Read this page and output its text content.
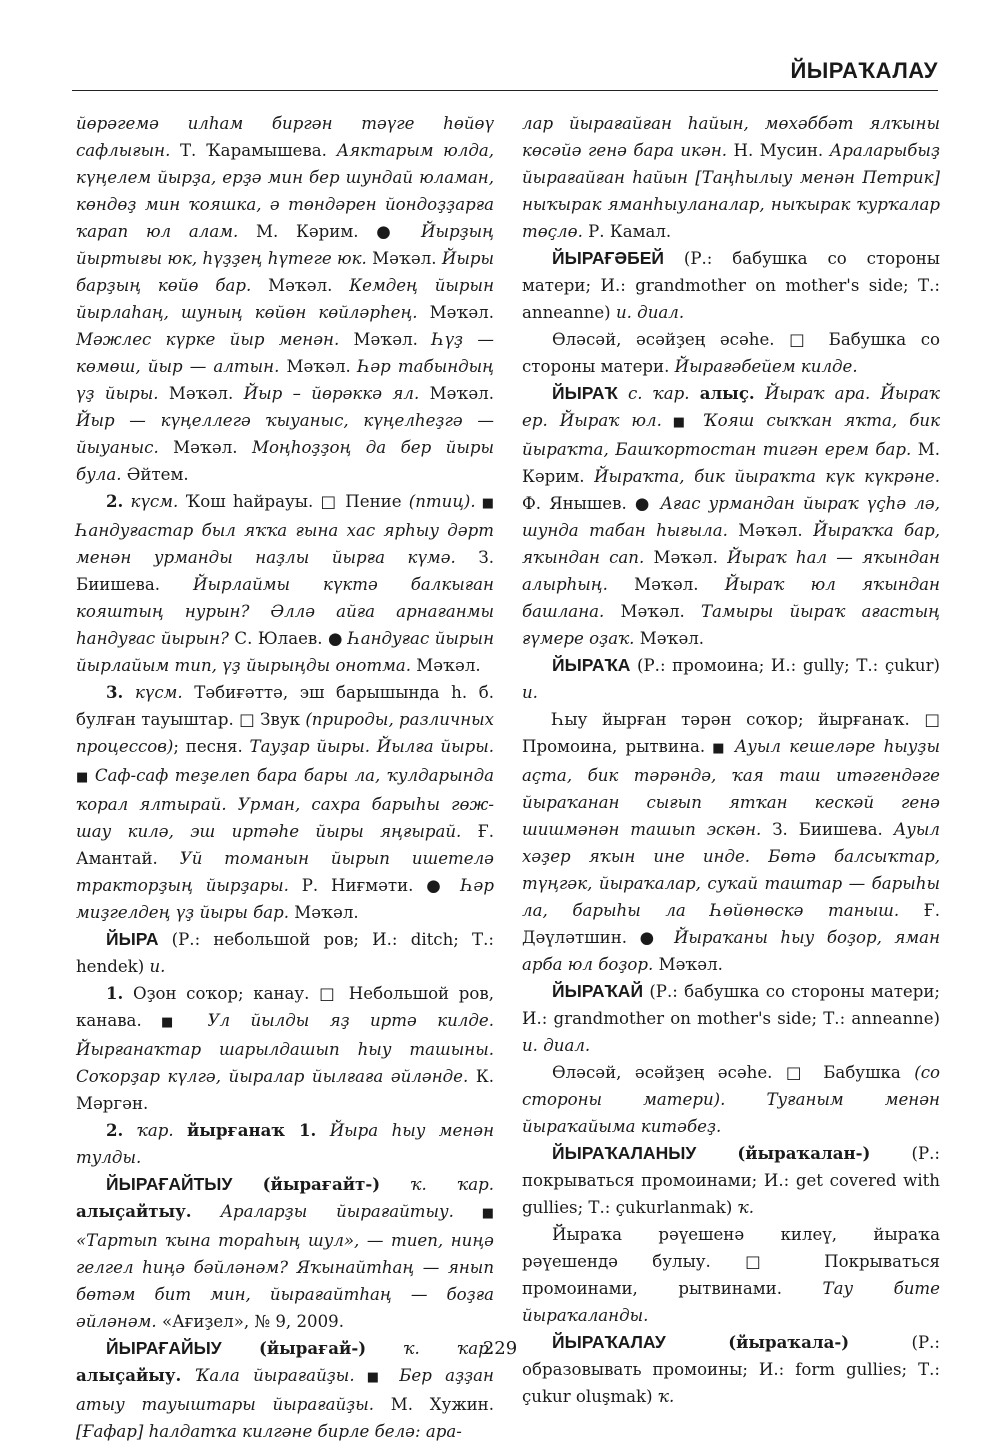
ЙЫРАҠАЛАУ

йөрәгемә илһам биргән тәүге һөйөү сафлығын. Т. Ҡарамышева. Аяктарым юлда, күңелем йырҙа, ерҙә мин бер шундай юламан, көндөҙ мин ҡояшка, ә төндәрен йондоҙҙарға ҡарап юл алам. М. Кәрим. ● Йырҙың йыртығы юк, һүҙҙең һүтеге юк. Мәҡәл. Йыры барҙың көйө бар. Мәҡәл. Кемдең йырын йырлаһаң, шуның көйөн көйләрһең. Мәҡәл. Мәжлес күрке йыр менән. Мәҡәл. Һүҙ — көмөш, йыр — алтын. Мәҡәл. Һәр табындың үҙ йыры. Мәҡәл. Йыр – йөрәккә ял. Мәҡәл. Йыр — күңеллегә ҡыуаныс, күңелһеҙгә — йыуаныс. Мәҡәл. Моңһоҙҙоң да бер йыры була. Әйтем.

2. күсм. Ҡош һайрауы. □ Пение (птиц). ■ Һандуғастар был яҡҡа ғына хас ярһыу дәрт менән урманды наҙлы йырға күмә. З. Биишева. Йырлаймы күктә балкыған кояштың нурын? Әллә айға арнағанмы һандуғас йырын? С. Юлаев. ● Һандуғас йырын йырлайым тип, үҙ йырыңды онотма. Мәҡәл.

3. күсм. Тәбиғәттә, эш барышында һ. б. булған тауыштар. □ Звук (природы, различных процессов); песня. Тауҙар йыры. Йылға йыры. ■ Саф-саф теҙелеп бара бары ла, ҡулдарында ҡорал ялтырай. Урман, сахра барыһы гөж-шау килә, эш иртәһе йыры яңғырай. Ғ. Амантай. Уй томанын йырып ишетелә тракторҙың йырҙары. Р. Ниғмәти. ● Һәр миҙгелдең үҙ йыры бар. Мәҡәл.

ЙЫРА (Р.: небольшой ров; И.: ditch; Т.: hendek) и.

1. Оҙон соҡор; канау. □ Небольшой ров, канава. ■ Ул йылды яҙ иртә килде. Йырғанаҡтар шарылдашып һыу ташыны. Соҡорҙар күлгә, йыралар йылғаға әйләнде. К. Мәргән.

2. ҡар. йырғанаҡ 1. Йыра һыу менән тулды.

ЙЫРАҒАЙТЫУ (йырағайт-) ҡ. ҡар. алыҫайтыу. Араларҙы йырағайтыу. ■ «Тартып ҡына тораһың шул», — тиеп, ниңә гелгел һиңә бәйләнәм? Яҡынайтһаң — янып бөтәм бит мин, йырағайтһаң — боҙға әйләнәм. «Ағиҙел», № 9, 2009.

ЙЫРАҒАЙЫУ (йырағай-) ҡ. ҡар. алыҫайыу. Ҡала йырағайҙы. ■ Бер аҙҙан атыу тауыштары йырағайҙы. М. Хужин. [Ғафар] һалдатҡа килгәне бирле белә: ара-

лар йырағайған һайын, мөхәббәт ялҡыны көсәйә генә бара икән. Н. Мусин. Араларыбыҙ йырағайған һайын [Таңһылыу менән Петрик] ныҡырак яманһыуланалар, ныҡырак ҡурҡалар төҫлө. Р. Камал.

ЙЫРАҒӘБЕЙ (Р.: бабушка со стороны матери; И.: grandmother on mother's side; Т.: anneanne) и. диал.

Өләсәй, әсәйҙең әсәһе. □ Бабушка со стороны матери. Йырағәбейем килде.

ЙЫРАҠ с. ҡар. алыҫ. Йыраҡ ара. Йыраҡ ер. Йыраҡ юл. ■ Ҡояш сыҡҡан яҡта, бик йыраҡта, Башҡортостан тигән ерем бар. М. Кәрим. Йыраҡта, бик йыраҡта күк күкрәне. Ф. Янышев. ● Ағас урмандан йыраҡ үҫһә лә, шунда табан һығыла. Мәҡәл. Йыраҡҡа бар, яҡындан сап. Мәҡәл. Йыраҡ һал — яҡындан алырһың. Мәҡәл. Йыраҡ юл яҡындан башлана. Мәҡәл. Тамыры йыраҡ ағастың ғүмере оҙаҡ. Мәҡәл.

ЙЫРАҠА (Р.: промоина; И.: gully; Т.: çukur) и.

Һыу йырған тәрән соҡор; йырғанаҡ. □ Промоина, рытвина. ■ Ауыл кешеләре һыуҙы аҫта, бик тәрәндә, ҡая таш итәгендәге йыраҡанан сығып ятҡан кескәй генә шишмәнән ташып эскән. З. Биишева. Ауыл хәҙер яҡын ине инде. Бөтә балсыҡтар, түңгәк, йыраҡалар, суҡай таштар — барыһы ла, барыһы ла Һөйөнөскә таныш. Ғ. Дәүләтшин. ● Йыраҡаны һыу боҙор, яман арба юл боҙор. Мәҡәл.

ЙЫРАҠАЙ (Р.: бабушка со стороны матери; И.: grandmother on mother's side; Т.: anneanne) и. диал.

Өләсәй, әсәйҙең әсәһе. □ Бабушка (со стороны матери). Туғаным менән йыраҡайыма китәбеҙ.

ЙЫРАҠАЛАНЫУ (йыраҡалан-) (Р.: покрываться промоинами; И.: get covered with gullies; Т.: çukurlanmak) ҡ.

Йыраҡа рәүешенә килеү, йыраҡа рәүешендә булыу. □ Покрываться промоинами, рытвинами. Тау бите йыраҡаланды.

ЙЫРАҠАЛАУ	(йыраҡала-) (Р.: образовывать промоины; И.: form gullies; Т.: çukur oluşmak) ҡ.

229
